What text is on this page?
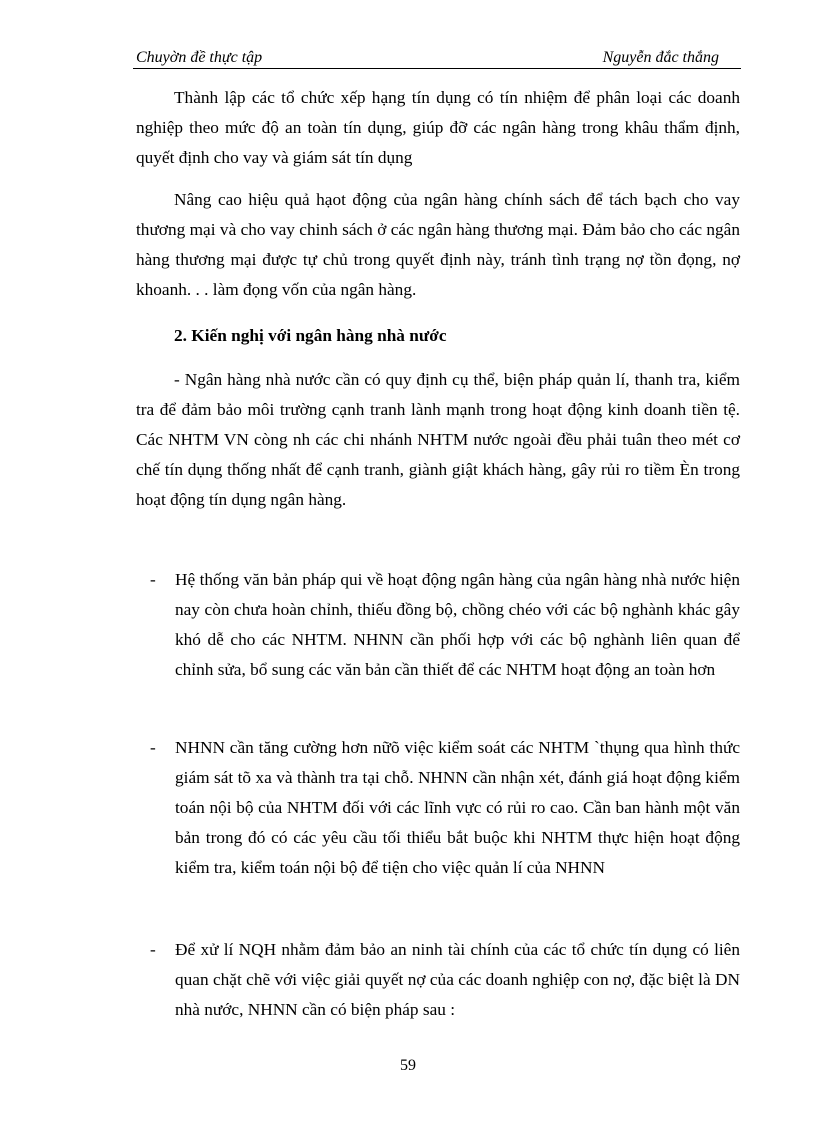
Chuyờn đề thực tập	Nguyễn đắc thắng
Thành lập các tổ chức xếp hạng tín dụng có tín nhiệm để phân loại các doanh nghiệp theo mức độ an toàn tín dụng, giúp đỡ các ngân hàng trong khâu thẩm định, quyết định cho vay và giám sát tín dụng
Nâng cao hiệu quả hạot động của ngân hàng chính sách để tách bạch cho vay thương mại và cho vay chinh sách ở các ngân hàng thương mại. Đảm bảo cho các ngân hàng thương mại được tự chủ trong quyết định này, tránh tình trạng nợ tồn đọng, nợ khoanh. . . làm đọng vốn của ngân hàng.
2. Kiến nghị với ngân hàng nhà nước
- Ngân hàng nhà nước cần có quy định cụ thể, biện pháp quản lí, thanh tra, kiểm tra để đảm bảo môi trường cạnh tranh lành mạnh trong hoạt động kinh doanh tiền tệ. Các NHTM VN còng nh các chi nhánh NHTM nước ngoài đều phải tuân theo mét cơ chế tín dụng thống nhất để cạnh tranh, giành giật khách hàng, gây rủi ro tiềm Èn trong hoạt động tín dụng ngân hàng.
-	Hệ thống văn bản pháp qui về hoạt động ngân hàng của ngân hàng nhà nước hiện nay còn chưa hoàn chỉnh, thiếu đồng bộ, chồng chéo với các bộ nghành khác gây khó dễ cho các NHTM. NHNN cần phối hợp với các bộ nghành liên quan để chỉnh sửa, bổ sung các văn bản cần thiết để các NHTM hoạt động an toàn hơn
-	NHNN cần tăng cường hơn nữõ việc kiểm soát các NHTM `thụng qua hình thức giám sát tõ xa và thành tra tại chỗ. NHNN cần nhận xét, đánh giá hoạt động kiểm toán nội bộ của NHTM đối với các lĩnh vực có rủi ro cao. Cần ban hành một văn bản trong đó có các yêu cầu tối thiểu bắt buộc khi NHTM thực hiện hoạt động kiểm tra, kiểm toán nội bộ để tiện cho việc quản lí của NHNN
-	Để xử lí NQH nhằm đảm bảo an ninh tài chính của các tổ chức tín dụng có liên quan chặt chẽ với việc giải quyết nợ của các doanh nghiệp con nợ, đặc biệt là DN nhà nước, NHNN cần có biện pháp sau :
59
